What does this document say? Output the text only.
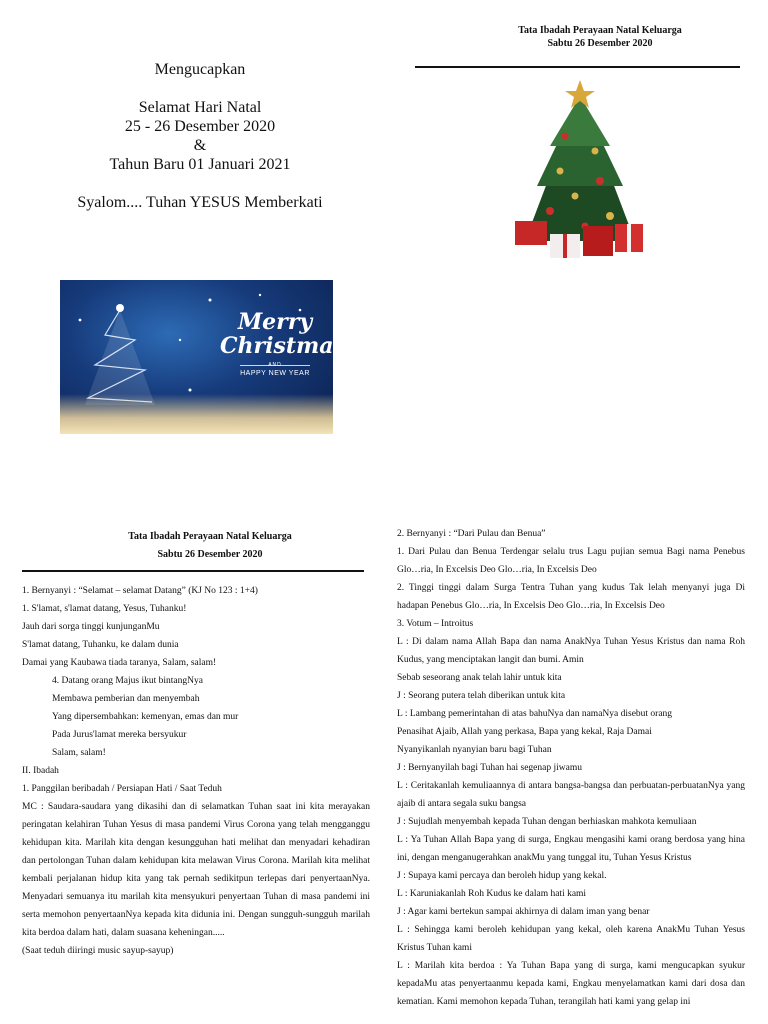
Mengucapkan

Selamat Hari Natal

25 - 26 Desember 2020

&

Tahun Baru 01 Januari 2021

Syalom.... Tuhan YESUS Memberkati

Tata Ibadah Perayaan Natal Keluarga
Sabtu 26 Desember 2020
Merry
Christmas
AND
HAPPY NEW YEAR
Tata Ibadah Perayaan Natal Keluarga
Sabtu 26 Desember 2020

1. Bernyanyi : “Selamat – selamat Datang” (KJ No 123 : 1+4)

1. S'lamat, s'lamat datang, Yesus, Tuhanku!

Jauh dari sorga tinggi kunjunganMu

S'lamat datang, Tuhanku, ke dalam dunia

Damai yang Kaubawa tiada taranya, Salam, salam!

4. Datang orang Majus ikut bintangNya

Membawa pemberian dan menyembah

Yang dipersembahkan: kemenyan, emas dan mur

Pada Jurus'lamat mereka bersyukur

Salam, salam!

II. Ibadah

1. Panggilan beribadah / Persiapan Hati / Saat Teduh

MC : Saudara-saudara yang dikasihi dan di selamatkan Tuhan saat ini kita merayakan peringatan kelahiran Tuhan Yesus di masa pandemi Virus Corona yang telah mengganggu kehidupan kita. Marilah kita dengan kesungguhan hati melihat dan menyadari kehadiran dan pertolongan Tuhan dalam kehidupan kita melawan Virus Corona. Marilah kita melihat kembali perjalanan hidup kita yang tak pernah sedikitpun terlepas dari penyertaanNya. Menyadari semuanya itu marilah kita mensyukuri penyertaan Tuhan di masa pandemi ini serta memohon penyertaanNya kepada kita didunia ini. Dengan sungguh-sungguh marilah kita berdoa dalam hati, dalam suasana keheningan.....

(Saat teduh diiringi music sayup-sayup)

2. Bernyanyi : “Dari Pulau dan Benua”

1. Dari Pulau dan Benua Terdengar selalu trus Lagu pujian semua Bagi nama Penebus Glo…ria, In Excelsis Deo Glo…ria, In Excelsis Deo

2. Tinggi tinggi dalam Surga Tentra Tuhan yang kudus Tak lelah menyanyi juga Di hadapan Penebus Glo…ria, In Excelsis Deo Glo…ria, In Excelsis Deo

3. Votum – Introitus

L : Di dalam nama Allah Bapa dan nama AnakNya Tuhan Yesus Kristus dan nama Roh Kudus, yang menciptakan langit dan bumi. Amin

Sebab seseorang anak telah lahir untuk kita

J : Seorang putera telah diberikan untuk kita

L : Lambang pemerintahan di atas bahuNya dan namaNya disebut orang

Penasihat Ajaib, Allah yang perkasa, Bapa yang kekal, Raja Damai

Nyanyikanlah nyanyian baru bagi Tuhan

J : Bernyanyilah bagi Tuhan hai segenap jiwamu

L : Ceritakanlah kemuliaannya di antara bangsa-bangsa dan perbuatan-perbuatanNya yang ajaib di antara segala suku bangsa

J : Sujudlah menyembah kepada Tuhan dengan berhiaskan mahkota kemuliaan

L : Ya Tuhan Allah Bapa yang di surga, Engkau mengasihi kami orang berdosa yang hina ini, dengan menganugerahkan anakMu yang tunggal itu, Tuhan Yesus Kristus

J : Supaya kami percaya dan beroleh hidup yang kekal.

L : Karuniakanlah Roh Kudus ke dalam hati kami

J : Agar kami bertekun sampai akhirnya di dalam iman yang benar

L : Sehingga kami beroleh kehidupan yang kekal, oleh karena AnakMu Tuhan Yesus Kristus Tuhan kami

L : Marilah kita berdoa : Ya Tuhan Bapa yang di surga, kami mengucapkan syukur kepadaMu atas penyertaanmu kepada kami, Engkau menyelamatkan kami dari dosa dan kematian. Kami memohon kepada Tuhan, terangilah hati kami yang gelap ini
